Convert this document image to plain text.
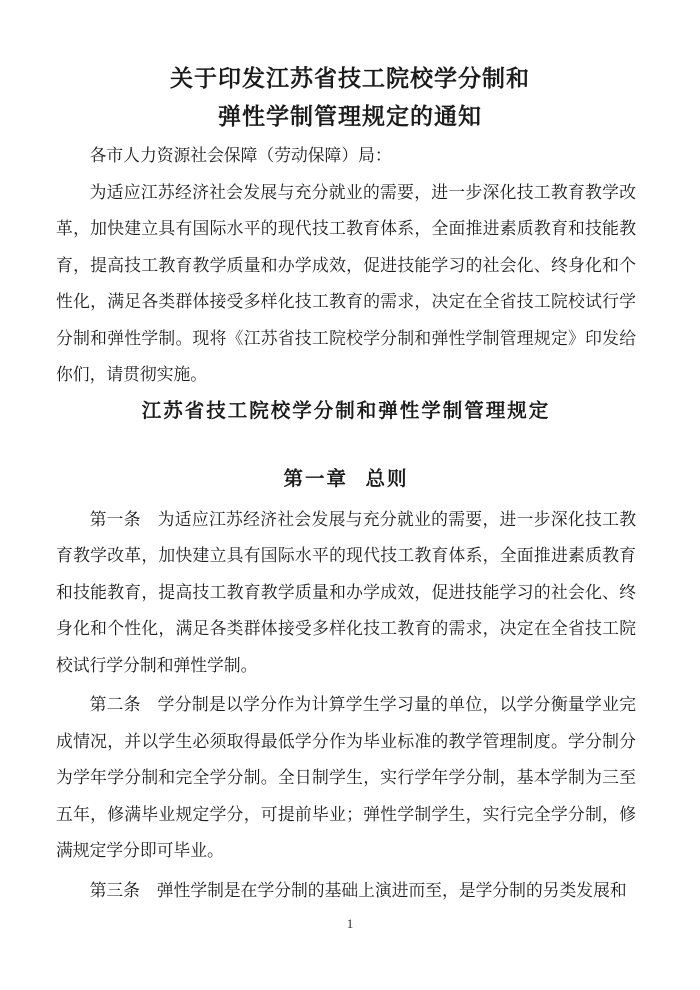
关于印发江苏省技工院校学分制和
弹性学制管理规定的通知

各市人力资源社会保障（劳动保障）局：

为适应江苏经济社会发展与充分就业的需要，进一步深化技工教育教学改革，加快建立具有国际水平的现代技工教育体系，全面推进素质教育和技能教育，提高技工教育教学质量和办学成效，促进技能学习的社会化、终身化和个性化，满足各类群体接受多样化技工教育的需求，决定在全省技工院校试行学分制和弹性学制。现将《江苏省技工院校学分制和弹性学制管理规定》印发给你们，请贯彻实施。

江苏省技工院校学分制和弹性学制管理规定
第一章 总则

第一条 为适应江苏经济社会发展与充分就业的需要，进一步深化技工教育教学改革，加快建立具有国际水平的现代技工教育体系，全面推进素质教育和技能教育，提高技工教育教学质量和办学成效，促进技能学习的社会化、终身化和个性化，满足各类群体接受多样化技工教育的需求，决定在全省技工院校试行学分制和弹性学制。

第二条 学分制是以学分作为计算学生学习量的单位，以学分衡量学业完成情况，并以学生必须取得最低学分作为毕业标准的教学管理制度。学分制分为学年学分制和完全学分制。全日制学生，实行学年学分制，基本学制为三至五年，修满毕业规定学分，可提前毕业；弹性学制学生，实行完全学分制，修满规定学分即可毕业。

第三条 弹性学制是在学分制的基础上演进而至，是学分制的另类发展和

1
